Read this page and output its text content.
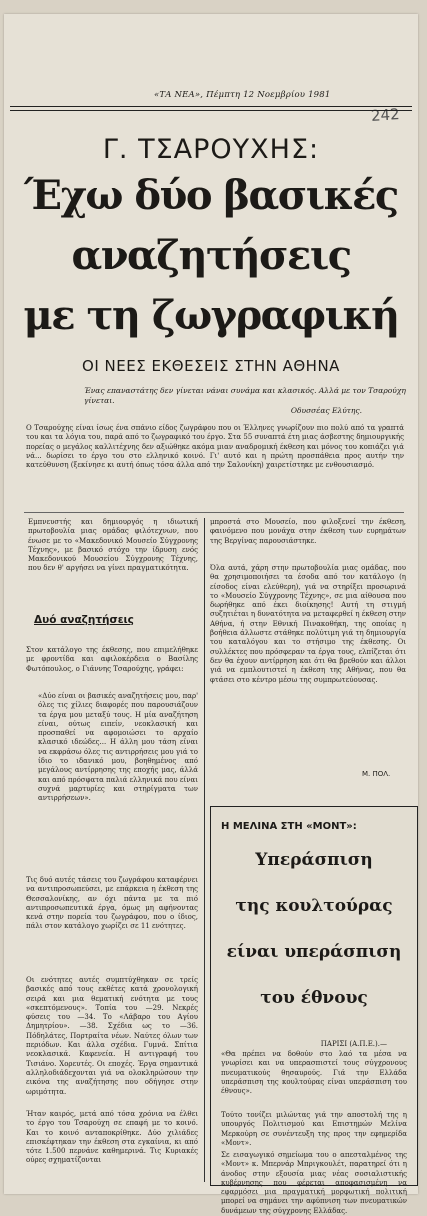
242
«ΤΑ ΝΕΑ», Πέμπτη 12 Νοεμβρίου 1981
Γ. ΤΣΑΡΟΥΧΗΣ:
Έχω δύο βασικές
αναζητήσεις
με τη ζωγραφική
ΟΙ ΝΕΕΣ ΕΚΘΕΣΕΙΣ ΣΤΗΝ ΑΘΗΝΑ
Ένας επαναστάτης δεν γίνεται νάναι συνάμα και κλασικός. Αλλά με τον Τσαρούχη γίνεται.
Οδυσσέας Ελύτης.
Ο Τσαρούχης είναι ίσως ένα σπάνιο είδος ζωγράφου που οι Έλληνες γνωρίζουν πιο πολύ από τα γραπτά του και τα λόγια του, παρά από το ζωγραφικό του έργο. Στα 55 συναπτά έτη μιας άσβεστης δημιουργικής πορείας ο μεγάλος καλλιτέχνης δεν αξιώθηκε ακόμα μιαν αναδρομική έκθεση και μόνος του κοπιάζει γιά νά... δωρίσει το έργο του στο ελληνικό κοινό. Γι' αυτό και η πρώτη προσπάθεια προς αυτήν την κατεύθυνση (ξεκίνησε κι αυτή όπως τόσα άλλα από την Σαλονίκη) χαιρετίστηκε με ενθουσιασμό.
Εμπνευστής και δημιουργός η ιδιωτική πρωτοβουλία μιας ομάδας φιλότεχνων, που ένωσε με το «Μακεδονικό Μουσείο Σύγχρονης Τέχνης», με βασικό στόχο την ίδρυση ενός Μακεδονικού Μουσείου Σύγχρονης Τέχνης, που δεν θ' αργήσει να γίνει πραγματικότητα.
Δυό αναζητήσεις
Στον κατάλογο της έκθεσης, που επιμελήθηκε με φροντίδα και αφιλοκέρδεια ο Βασίλης Φωτόπουλος, ο Γιάννης Τσαρούχης, γράφει:
«Δύο είναι οι βασικές αναζητήσεις μου, παρ' όλες τις χίλιες διαφορές που παρουσιάζουν τα έργα μου μεταξύ τους. Η μία αναζήτηση είναι, ούτως ειπείν, νεοκλασική και προσπαθεί να αφομοιώσει το αρχαίο κλασικό ιδεώδες... Η άλλη μου τάση είναι να εκφράσω όλες τις αντιρρήσεις μου γιά το ίδιο το ιδανικό μου, βοηθημένος από μεγάλους αντίρρησης της εποχής μας, άλλά και από πρόσφατα παλιά ελληνικά που είναι συχνά μαρτυρίες και στηρίγματα των αντιρρήσεων».
Τις δυό αυτές τάσεις του ζωγράφου καταφέρνει να αντιπροσωπεύσει, με επάρκεια η έκθεση της Θεσσαλονίκης, αν όχι πάντα με τα πιό αντιπροσωπευτικά έργα, όμως μη αφήνοντας κενά στην πορεία του ζωγράφου, που ο ίδιος, πάλι στον κατάλογο χωρίζει σε 11 ενότητες.
Οι ενότητες αυτές συμπτύχθηκαν σε τρείς βασικές από τους εκθέτες κατά χρονολογική σειρά και μια θεματική ενότητα με τους «σκεπτόμενους». Τοπία του —29. Νεκρές φύσεις του —34. Το «Λάβαρο του Αγίου Δημητρίου». —38. Σχέδια ως το —36. Πόδηλάτες, Πορτραίτα νέων. Ναύτες όλων των περιόδων. Και άλλα σχέδια. Γυμνά. Σπίτια νεοκλασικά. Καφενεία. Η αντιγραφή του Τισιάνο. Χορευτές. Οι εποχές. Έργα σημαντικά αλληλοδιάδεχονται γιά να ολοκληρώσουν την εικόνα της αναζήτησης που οδήγησε στην ωριμότητα.
Ήταν καιρός, μετά από τόσα χρόνια να έλθει το έργο του Τσαρούχη σε επαφή με το κοινό. Και το κοινό ανταποκρίθηκε. Δύο χιλιάδες επισκέφτηκαν την έκθεση στα εγκαίνια, κι από τότε 1.500 περνάνε καθημερινά. Τις Κυριακές ούρες σχηματίζονται
μπροστά στο Μουσείο, που φιλοξενεί την έκθεση, φαινόμενο που μονάχα στην έκθεση των ευρημάτων της Βεργίνας παρουσιάστηκε.
Όλα αυτά, χάρη στην πρωτοβουλία μιας ομάδας, που θα χρησιμοποιήσει τα έσοδα από τον κατάλογο (η είσοδος είναι ελεύθερη), γιά να στηρίξει προσωρινά το «Μουσείο Σύγχρονης Τέχνης», σε μια αίθουσα που δωρήθηκε από έκει διοίκησης! Αυτή τη στιγμή συζητιέται η δυνατότητα να μεταφερθεί η έκθεση στην Αθήνα, ή στην Εθνική Πινακοθήκη, της οποίας η βοήθεια άλλωστε στάθηκε πολύτιμη γιά τη δημιουργία του καταλόγου και το στήσιμο της έκθεσης. Οι συλλέκτες που πρόσφεραν τα έργα τους, ελπίζεται ότι δεν θα έχουν αντίρρηση και ότι θα βρεθούν και άλλοι γιά να εμπλουτιστεί η έκθεση της Αθήνας, που θα φτάσει στο κέντρο μέσω της συμπρωτεύουσας.
Μ. ΠΟΛ.
Η ΜΕΛΙΝΑ ΣΤΗ «ΜΟΝΤ»:
Υπεράσπιση
της κουλτούρας
είναι υπεράσπιση
του έθνους
ΠΑΡΙΣΙ (Α.Π.Ε.).—
«Θα πρέπει να δοθούν στο λαό τα μέσα να γνωρίσει και να υπερασπιστεί τους σύγχρονους πνευματικούς θησαυρούς. Γιά την Ελλάδα υπεράσπιση της κουλτούρας είναι υπεράσπιση του έθνους».
Τούτο τονίζει μιλώντας γιά την αποστολή της η υπουργός Πολιτισμού και Επιστημών Μελίνα Μερκούρη σε συνέντευξη της προς την εφημερίδα «Μοντ».
Σε εισαγωγικό σημείωμα του ο απεσταλμένος της «Μοντ» κ. Μπερνάρ Μπριγκουλέτ, παρατηρεί ότι η άνοδος στην εξουσία μιας νέας σοσιαλιστικής κυβέρνησης που φέρεται αποφασισμένη να εφαρμόσει μια πραγματική μορφωτική πολιτική μπορεί να σημάνει την αφύπνιση των πνευματικών δυνάμεων της σύγχρονης Ελλάδας.
